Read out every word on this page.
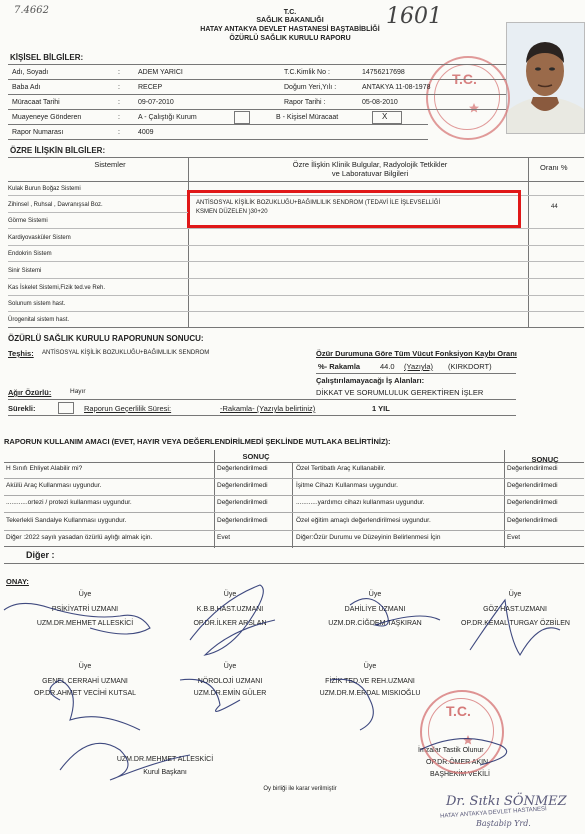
7.4662	1601
T.C.
SAĞLIK BAKANLIĞI
HATAY ANTAKYA DEVLET HASTANESİ BAŞTABİBLİĞİ
ÖZÜRLÜ SAĞLIK KURULU RAPORU
T.C.
KİŞİSEL BİLGİLER:
Adı, Soyadı	:	ADEM YARICI	T.C.Kimlik No :	14756217698
Baba Adı	:	RECEP	Doğum Yeri,Yılı :	ANTAKYA 11-08-1978
Müracaat Tarihi	:	09-07-2010	Rapor Tarihi :	05-08-2010
Muayeneye Gönderen	:	A - Çalıştığı Kurum	B - Kişisel Müracaat	X
Rapor Numarası	:	4009
ÖZRE İLİŞKİN BİLGİLER:
Sistemler	Özre İlişkin Klinik Bulgular, Radyolojik Tetkikler
ve Laboratuvar Bilgileri
Oranı %
Kulak Burun Boğaz Sistemi
Zihinsel , Ruhsal , Davranışsal Boz.	ANTİSOSYAL KİŞİLİK BOZUKLUĞU+BAĞIMLILIK SENDROM (TEDAVİ İLE İŞLEVSELLİĞİ
KSMEN DÜZELEN )30+20
44
Görme Sistemi
Kardiyovasküler Sistem
Endokrin Sistem
Sinir Sistemi
Kas İskelet Sistemi,Fizik ted.ve Reh.
Solunum sistem hast.
Ürogenital sistem hast.
ÖZÜRLÜ SAĞLIK KURULU RAPORUNUN SONUCU:
Teşhis: ANTİSOSYAL KİŞİLİK BOZUKLUĞU+BAĞIMLILIK SENDROM	Özür Durumuna Göre Tüm Vücut Fonksiyon Kaybı Oranı
%- Rakamla	44.0 (Yazıyla) (KIRKDORT)
Çalıştırılamayacağı İş Alanları:
DİKKAT VE SORUMLULUK GEREKTİREN İŞLER
Ağır Özürlü:	Hayır
Sürekli:	Raporun Geçerlilik Süresi:	-Rakamla- (Yazıyla belirtiniz)	1 YIL
RAPORUN KULLANIM AMACI (EVET, HAYIR VEYA DEĞERLENDİRİLMEDİ ŞEKLİNDE MUTLAKA BELİRTİNİZ):
SONUÇ	SONUÇ
H Sınıfı Ehliyet Alabilir mi?	Değerlendirilmedi	Özel Tertibatlı Araç Kullanabilir.	Değerlendirilmedi
Akülü Araç Kullanması uygundur.	Değerlendirilmedi	İşitme Cihazı Kullanması uygundur.	Değerlendirilmedi
............ortezi / protezi kullanması uygundur.	Değerlendirilmedi	............yardımcı cihazı kullanması uygundur.	Değerlendirilmedi
Tekerlekli Sandalye Kullanması uygundur.	Değerlendirilmedi	Özel eğitim amaçlı değerlendirilmesi uygundur.	Değerlendirilmedi
Diğer :2022 sayılı yasadan özürlü aylığı almak için.	Evet	Diğer:Özür Durumu ve Düzeyinin Belirlenmesi İçin	Evet
Diğer :
ONAY:
Üye
PSİKİYATRİ UZMANI
UZM.DR.MEHMET ALLESKİCİ
Üye
K.B.B.HAST.UZMANI
OP.DR.İLKER ARSLAN
Üye
DAHİLİYE UZMANI
UZM.DR.CİĞDEM TAŞKIRAN
Üye
GÖZ HAST.UZMANI
OP.DR.KEMAL TURGAY ÖZBİLEN
Üye
GENEL CERRAHİ UZMANI
OP.DR.AHMET VECİHİ KUTSAL
Üye
NÖROLOJİ UZMANI
UZM.DR.EMİN GÜLER
Üye
FİZİK TED.VE REH.UZMANI
UZM.DR.M.ERDAL MISKIOĞLU
UZM.DR.MEHMET ALLESKİCİ
Kurul Başkanı
Oy birliği ile karar verilmiştir
İmzalar Tastik Olunur
OP.DR.ÖMER AKIN
BAŞHEKİM VEKİLİ
T.C.
Dr. Sıtkı SÖNMEZ
HATAY ANTAKYA DEVLET HASTANESİ
Baştabip Yrd.
